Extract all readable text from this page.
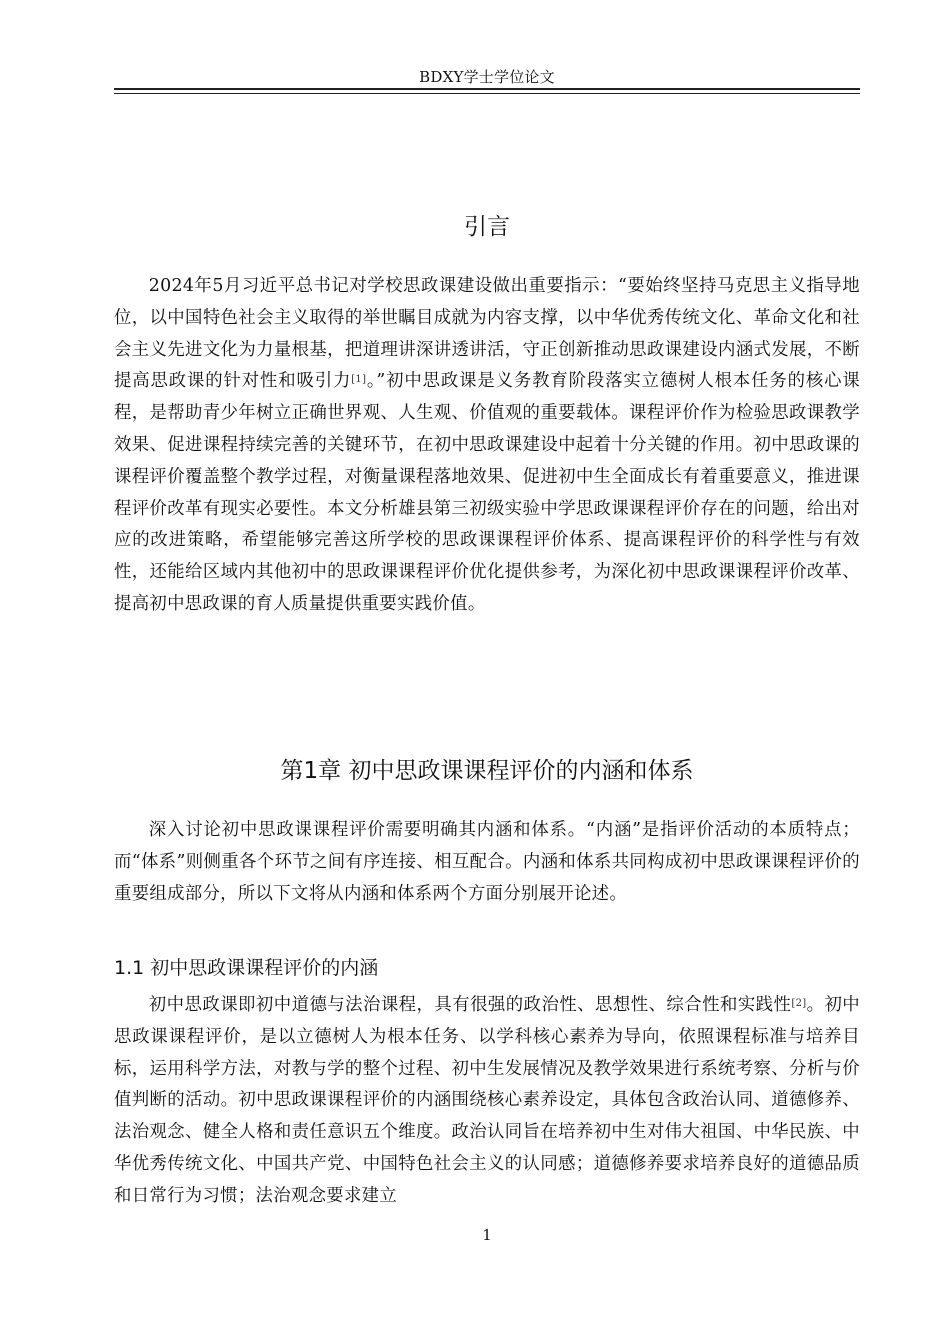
BDXY学士学位论文
引言

2024年5月习近平总书记对学校思政课建设做出重要指示：“要始终坚持马克思主义指导地位，以中国特色社会主义取得的举世瞩目成就为内容支撑，以中华优秀传统文化、革命文化和社会主义先进文化为力量根基，把道理讲深讲透讲活，守正创新推动思政课建设内涵式发展，不断提高思政课的针对性和吸引力[1]。”初中思政课是义务教育阶段落实立德树人根本任务的核心课程，是帮助青少年树立正确世界观、人生观、价值观的重要载体。课程评价作为检验思政课教学效果、促进课程持续完善的关键环节，在初中思政课建设中起着十分关键的作用。初中思政课的课程评价覆盖整个教学过程，对衡量课程落地效果、促进初中生全面成长有着重要意义，推进课程评价改革有现实必要性。本文分析雄县第三初级实验中学思政课课程评价存在的问题，给出对应的改进策略，希望能够完善这所学校的思政课课程评价体系、提高课程评价的科学性与有效性，还能给区域内其他初中的思政课课程评价优化提供参考，为深化初中思政课课程评价改革、提高初中思政课的育人质量提供重要实践价值。

第1章 初中思政课课程评价的内涵和体系

深入讨论初中思政课课程评价需要明确其内涵和体系。“内涵”是指评价活动的本质特点；而“体系”则侧重各个环节之间有序连接、相互配合。内涵和体系共同构成初中思政课课程评价的重要组成部分，所以下文将从内涵和体系两个方面分别展开论述。

1.1 初中思政课课程评价的内涵

初中思政课即初中道德与法治课程，具有很强的政治性、思想性、综合性和实践性[2]。初中思政课课程评价，是以立德树人为根本任务、以学科核心素养为导向，依照课程标准与培养目标，运用科学方法，对教与学的整个过程、初中生发展情况及教学效果进行系统考察、分析与价值判断的活动。初中思政课课程评价的内涵围绕核心素养设定，具体包含政治认同、道德修养、法治观念、健全人格和责任意识五个维度。政治认同旨在培养初中生对伟大祖国、中华民族、中华优秀传统文化、中国共产党、中国特色社会主义的认同感；道德修养要求培养良好的道德品质和日常行为习惯；法治观念要求建立

1
